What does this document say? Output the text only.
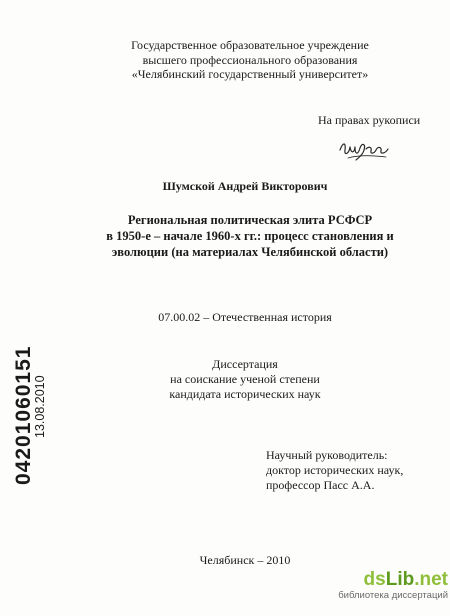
Государственное образовательное учреждение
высшего профессионального образования
«Челябинский государственный университет»
На правах рукописи
Шумской Андрей Викторович
Региональная политическая элита РСФСР
в 1950-е – начале 1960-х гг.: процесс становления и
эволюции (на материалах Челябинской области)
07.00.02 – Отечественная история
Диссертация
на соискание ученой степени
кандидата исторических наук
Научный руководитель:
доктор исторических наук,
профессор Пасс А.А.
Челябинск – 2010
04201060151
13.08.2010
dsLib.net
библиотека диссертаций
